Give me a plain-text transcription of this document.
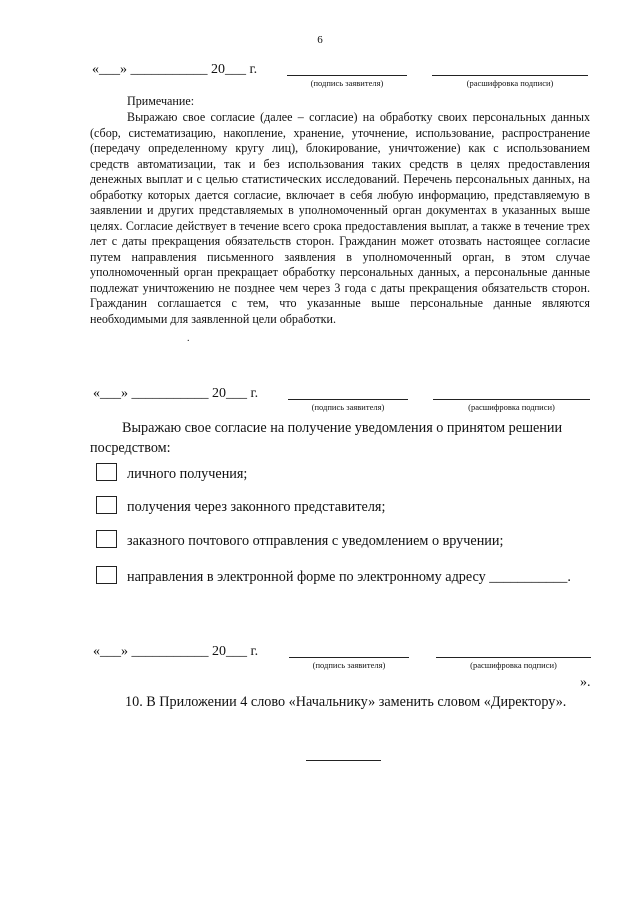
6
«___» ___________ 20___ г.
(подпись заявителя)	(расшифровка подписи)
Примечание:
Выражаю свое согласие (далее – согласие) на обработку своих персональных данных (сбор, систематизацию, накопление, хранение, уточнение, использование, распространение (передачу определенному кругу лиц), блокирование, уничтожение) как с использованием средств автоматизации, так и без использования таких средств в целях предоставления денежных выплат и с целью статистических исследований. Перечень персональных данных, на обработку которых дается согласие, включает в себя любую информацию, представляемую в заявлении и других представляемых в уполномоченный орган документах в указанных выше целях. Согласие действует в течение всего срока предоставления выплат, а также в течение трех лет с даты прекращения обязательств сторон. Гражданин может отозвать настоящее согласие путем направления письменного заявления в уполномоченный орган, в этом случае уполномоченный орган прекращает обработку персональных данных, а персональные данные подлежат уничтожению не позднее чем через 3 года с даты прекращения обязательств сторон. Гражданин соглашается с тем, что указанные выше персональные данные являются необходимыми для заявленной цели обработки.
.
«___» ___________ 20___ г.
(подпись заявителя)	(расшифровка подписи)
Выражаю свое согласие на получение уведомления о принятом решении посредством:
личного получения;
получения через законного представителя;
заказного почтового отправления с уведомлением о вручении;
направления в электронной форме по электронному адресу ___________.
«___» ___________ 20___ г.
(подпись заявителя)	(расшифровка подписи)
».
10. В Приложении 4 слово «Начальнику» заменить словом «Директору».
